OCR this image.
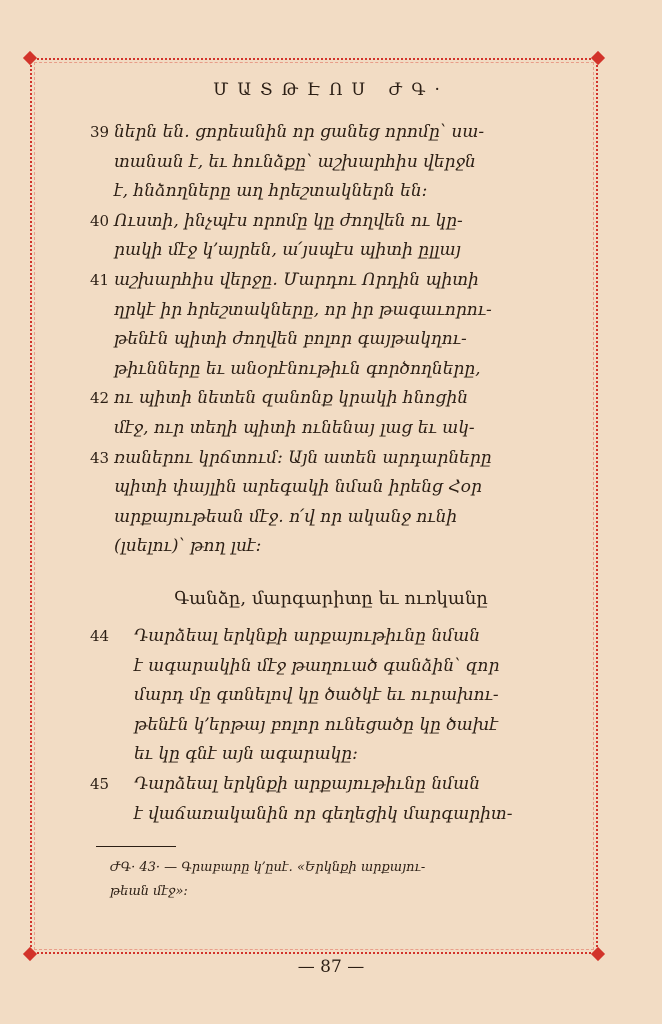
ՄԱՏԹԷՈՍ ԺԳ·
39 ներն են․ ցորեանին որ ցանեց որոմը՝ սա-
տանան է, եւ հունձքը՝ աշխարհիս վերջն
է, հնձողները աղ հրեշտակներն են։
40 Ուստի, ինչպէս որոմը կը ժողվեն ու կը-
րակի մէջ կ՚այրեն, ա՛յսպէս պիտի ըլլայ
41 աշխարհիս վերջը․ Մարդու Որդին պիտի
ղրկէ իր հրեշտակները, որ իր թագաւորու-
թենէն պիտի ժողվեն բոլոր գայթակղու-
թիւնները եւ անօրէնութիւն գործողները,
42 ու պիտի նետեն զանոնք կրակի հնոցին
մէջ, ուր տեղի պիտի ունենայ լաց եւ ակ-
43 ռաներու կրճտում։ Այն ատեն արդարները
պիտի փայլին արեգակի նման իրենց Հօր
արքայութեան մէջ․ ո՛վ որ ականջ ունի
(լսելու)՝ թող լսէ։
Գանձը, մարգարիտը եւ ուռկանը
44 Դարձեալ երկնքի արքայութիւնը նման
է ագարակին մէջ թաղուած գանձին՝ զոր
մարդ մը գտնելով կը ծածկէ եւ ուրախու-
թենէն կ՚երթայ բոլոր ունեցածը կը ծախէ
եւ կը գնէ այն ագարակը։
45 Դարձեալ երկնքի արքայութիւնը նման
է վաճառականին որ գեղեցիկ մարգարիտ-
ԺԳ· 43· — Գրաբարը կ՚ըսէ․ «Երկնքի արքայու-
թեան մէջ»։
— 87 —
